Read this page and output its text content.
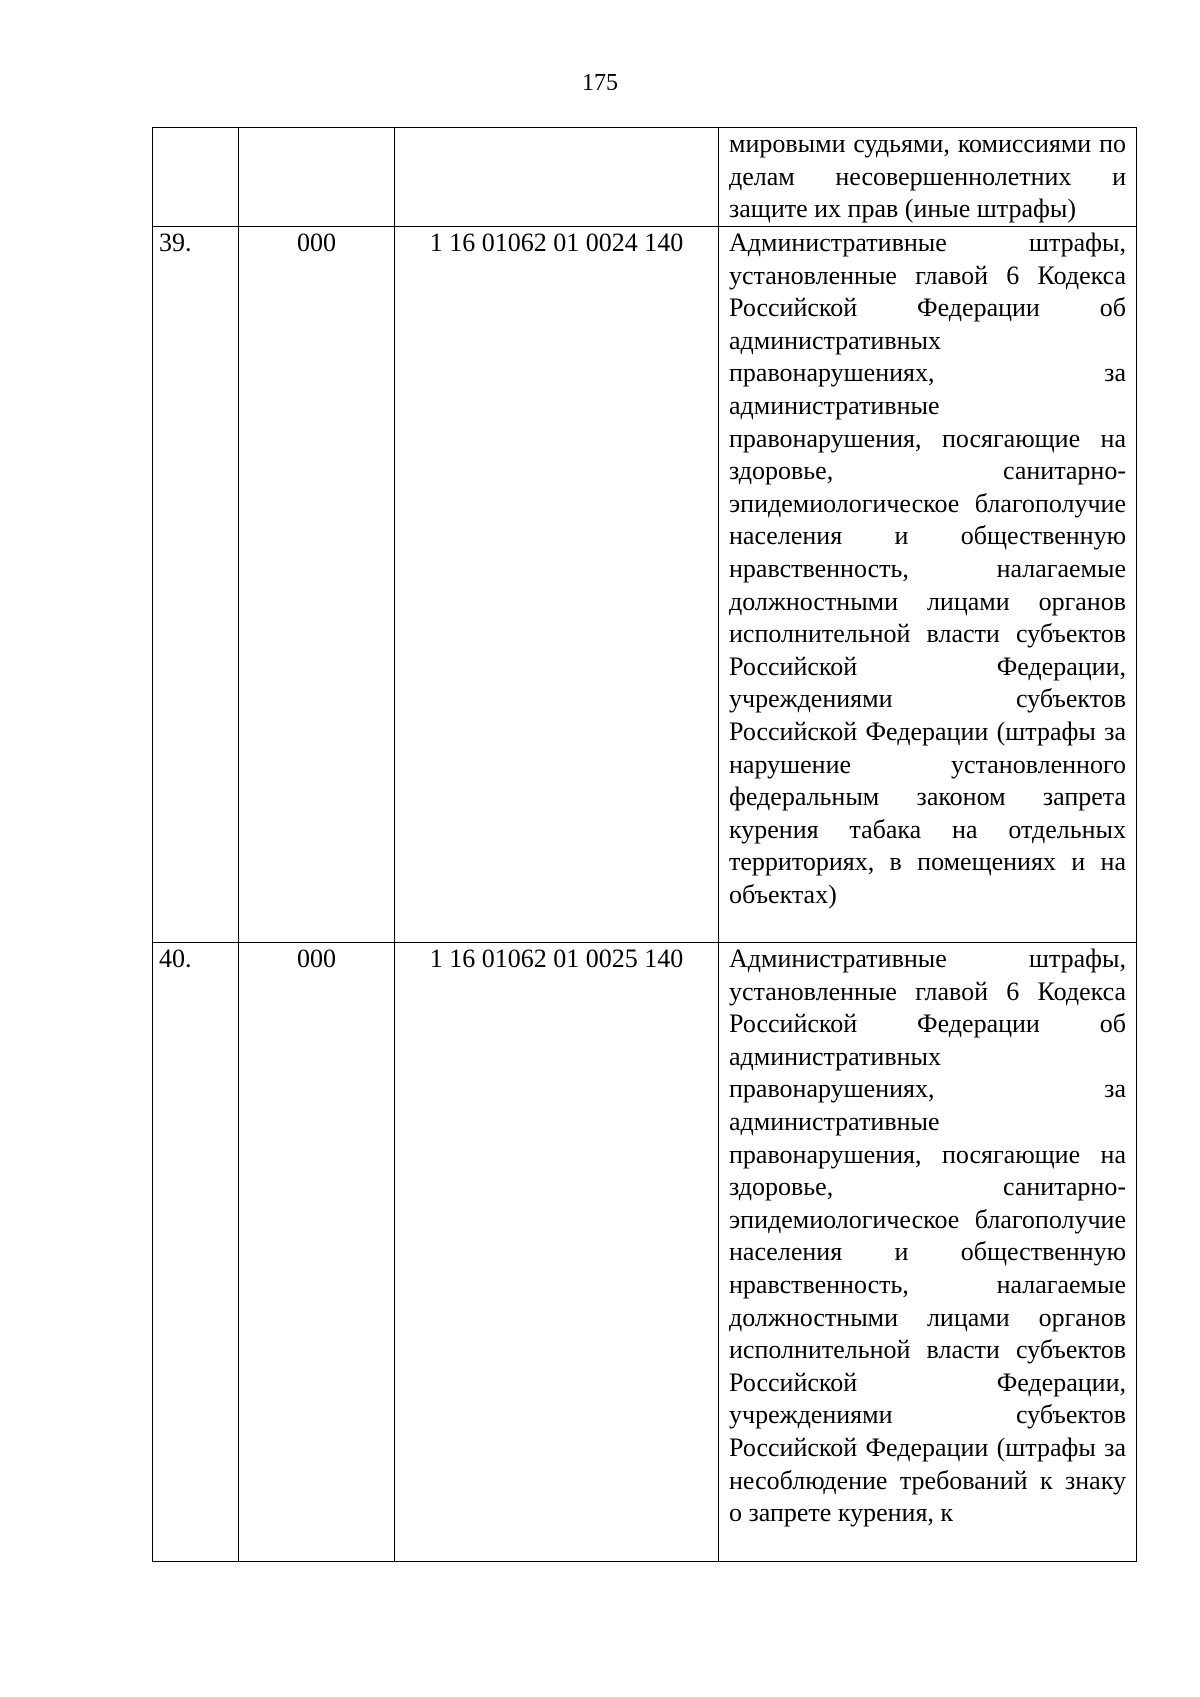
175
			мировыми судьями, комиссиями по делам несовершеннолетних и защите их прав (иные штрафы)
39.	000	1 16 01062 01 0024 140	Административные штрафы, установленные главой 6 Кодекса Российской Федерации об административных правонарушениях, за административные правонарушения, посягающие на здоровье, санитарно-эпидемиологическое благополучие населения и общественную нравственность, налагаемые должностными лицами органов исполнительной власти субъектов Российской Федерации, учреждениями субъектов Российской Федерации (штрафы за нарушение установленного федеральным законом запрета курения табака на отдельных территориях, в помещениях и на объектах)
40.	000	1 16 01062 01 0025 140	Административные штрафы, установленные главой 6 Кодекса Российской Федерации об административных правонарушениях, за административные правонарушения, посягающие на здоровье, санитарно-эпидемиологическое благополучие населения и общественную нравственность, налагаемые должностными лицами органов исполнительной власти субъектов Российской Федерации, учреждениями субъектов Российской Федерации (штрафы за несоблюдение требований к знаку о запрете курения, к
